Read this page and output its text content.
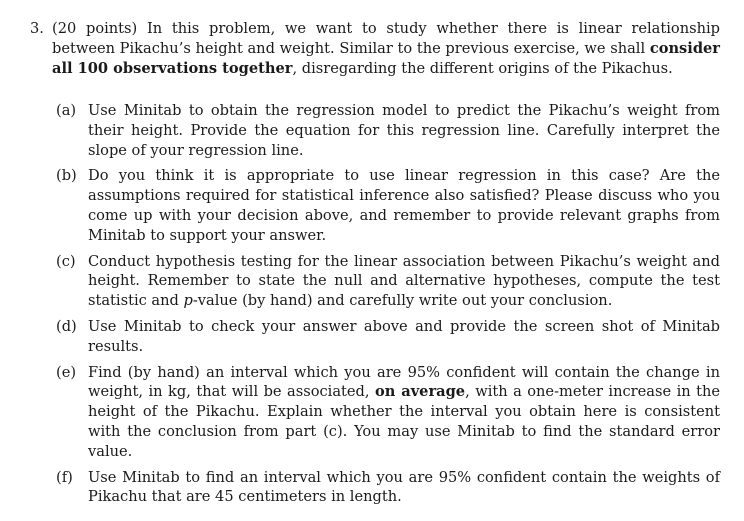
3. (20 points) In this problem, we want to study whether there is linear relationship between Pikachu’s height and weight. Similar to the previous exercise, we shall consider all 100 observations together, disregarding the different origins of the Pikachus.
(a) Use Minitab to obtain the regression model to predict the Pikachu’s weight from their height. Provide the equation for this regression line. Carefully interpret the slope of your regression line.
(b) Do you think it is appropriate to use linear regression in this case? Are the assumptions required for statistical inference also satisfied? Please discuss who you come up with your decision above, and remember to provide relevant graphs from Minitab to support your answer.
(c) Conduct hypothesis testing for the linear association between Pikachu’s weight and height. Remember to state the null and alternative hypotheses, compute the test statistic and p-value (by hand) and carefully write out your conclusion.
(d) Use Minitab to check your answer above and provide the screen shot of Minitab results.
(e) Find (by hand) an interval which you are 95% confident will contain the change in weight, in kg, that will be associated, on average, with a one-meter increase in the height of the Pikachu. Explain whether the interval you obtain here is consistent with the conclusion from part (c). You may use Minitab to find the standard error value.
(f)	Use Minitab to find an interval which you are 95% confident contain the weights of Pikachu that are 45 centimeters in length.
